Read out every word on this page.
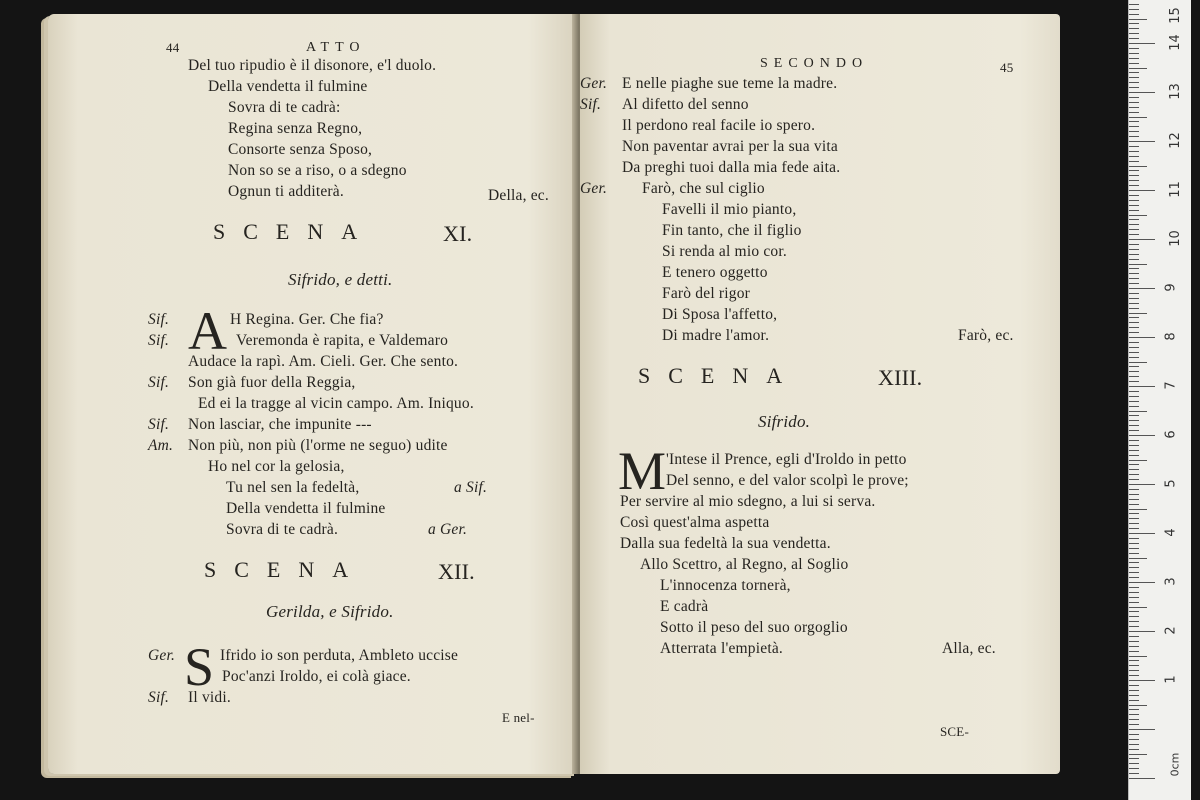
44	ATTO
Del tuo ripudio è il disonore, e'l duolo.
Della vendetta il fulmine
Sovra di te cadrà:
Regina senza Regno,
Consorte senza Sposo,
Non so se a riso, o a sdegno
Ognun ti additerà.	Della, ec.
SCENA	XI.
Sifrido, e detti.
A
Sif.	H Regina. Ger. Che fia?
Sif.	Veremonda è rapita, e Valdemaro
Audace la rapì. Am. Cieli. Ger. Che sento.
Sif. Son già fuor della Reggia,
Ed ei la tragge al vicin campo. Am. Iniquo.
Sif. Non lasciar, che impunite ---
Am. Non più, non più (l'orme ne seguo) udite
Ho nel cor la gelosia,
Tu nel sen la fedeltà,	a Sif.
Della vendetta il fulmine
Sovra di te cadrà.	a Ger.
SCENA	XII.
Gerilda, e Sifrido.
S
Ger.	Ifrido io son perduta, Ambleto uccise
Poc'anzi Iroldo, ei colà giace.
Sif. Il vidi.
E nel-
SECONDO	45
Ger. E nelle piaghe sue teme la madre.
Sif. Al difetto del senno
Il perdono real facile io spero.
Non paventar avrai per la sua vita
Da preghi tuoi dalla mia fede aita.
Ger. Farò, che sul ciglio
Favelli il mio pianto,
Fin tanto, che il figlio
Si renda al mio cor.
E tenero oggetto
Farò del rigor
Di Sposa l'affetto,
Di madre l'amor.	Farò, ec.
SCENA	XIII.
Sifrido.
M 'Intese il Prence, egli d'Iroldo in petto
Del senno, e del valor scolpì le prove;
Per servire al mio sdegno, a lui si serva.
Così quest'alma aspetta
Dalla sua fedeltà la sua vendetta.
Allo Scettro, al Regno, al Soglio
L'innocenza tornerà,
E cadrà
Sotto il peso del suo orgoglio
Atterrata l'empietà.	Alla, ec.
SCE-
0cm
1
2
3
4
5
6
7
8
9
10
11
12
13
14
15
